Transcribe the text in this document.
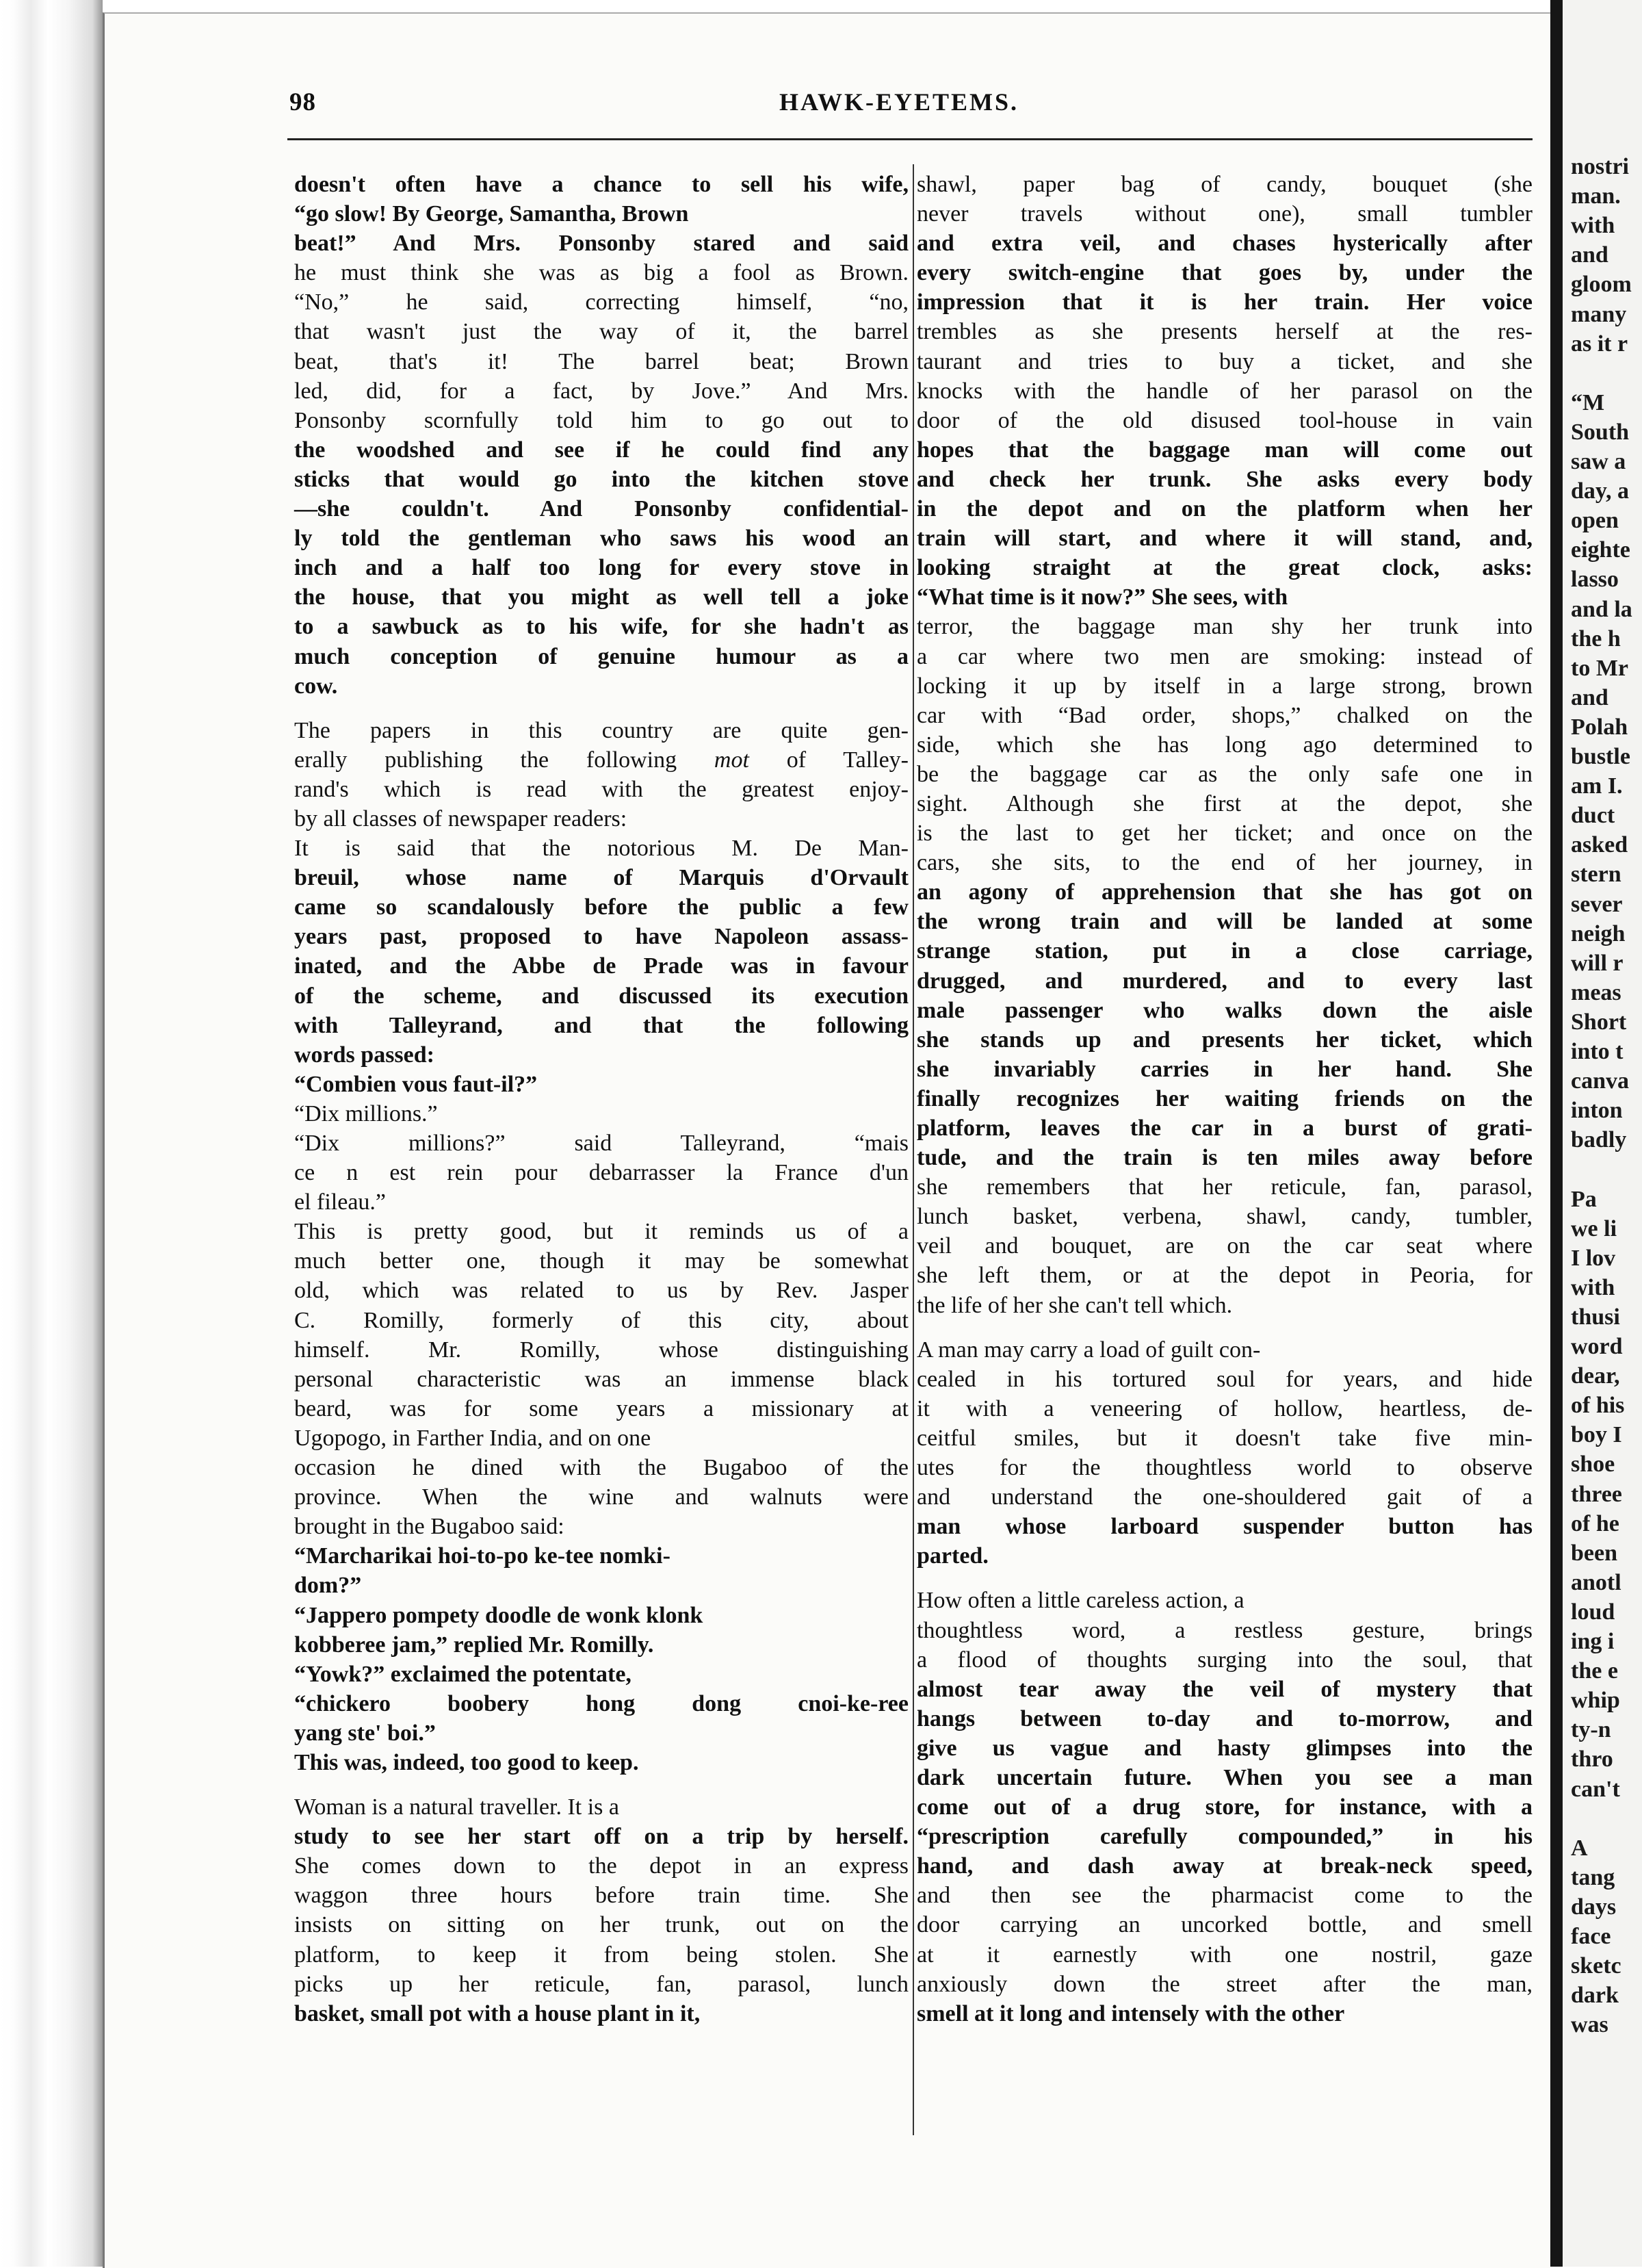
98	HAWK-EYETEMS.

doesn't often have a chance to sell his wife,

“go slow! By George, Samantha, Brown

beat!” And Mrs. Ponsonby stared and said

he must think she was as big a fool as Brown.

“No,” he said, correcting himself, “no,

that wasn't just the way of it, the barrel

beat, that's it! The barrel beat; Brown

led, did, for a fact, by Jove.” And Mrs.

Ponsonby scornfully told him to go out to

the woodshed and see if he could find any

sticks that would go into the kitchen stove

—she couldn't. And Ponsonby confidential-

ly told the gentleman who saws his wood an

inch and a half too long for every stove in

the house, that you might as well tell a joke

to a sawbuck as to his wife, for she hadn't as

much conception of genuine humour as a

cow.

The papers in this country are quite gen-

erally publishing the following mot of Talley-

rand's which is read with the greatest enjoy-

by all classes of newspaper readers:

It is said that the notorious M. De Man-

breuil, whose name of Marquis d'Orvault

came so scandalously before the public a few

years past, proposed to have Napoleon assass-

inated, and the Abbe de Prade was in favour

of the scheme, and discussed its execution

with Talleyrand, and that the following

words passed:

“Combien vous faut-il?”

“Dix millions.”

“Dix millions?” said Talleyrand, “mais

ce n est rein pour debarrasser la France d'un

el fileau.”

This is pretty good, but it reminds us of a

much better one, though it may be somewhat

old, which was related to us by Rev. Jasper

C. Romilly, formerly of this city, about

himself. Mr. Romilly, whose distinguishing

personal characteristic was an immense black

beard, was for some years a missionary at

Ugopogo, in Farther India, and on one

occasion he dined with the Bugaboo of the

province. When the wine and walnuts were

brought in the Bugaboo said:

“Marcharikai hoi-to-po ke-tee nomki-

dom?”

“Jappero pompety doodle de wonk klonk

kobberee jam,” replied Mr. Romilly.

“Yowk?” exclaimed the potentate,

“chickero boobery hong dong cnoi-ke-ree

yang ste' boi.”

This was, indeed, too good to keep.

Woman is a natural traveller. It is a

study to see her start off on a trip by herself.

She comes down to the depot in an express

waggon three hours before train time. She

insists on sitting on her trunk, out on the

platform, to keep it from being stolen. She

picks up her reticule, fan, parasol, lunch

basket, small pot with a house plant in it,

shawl, paper bag of candy, bouquet (she

never travels without one), small tumbler

and extra veil, and chases hysterically after

every switch-engine that goes by, under the

impression that it is her train. Her voice

trembles as she presents herself at the res-

taurant and tries to buy a ticket, and she

knocks with the handle of her parasol on the

door of the old disused tool-house in vain

hopes that the baggage man will come out

and check her trunk. She asks every body

in the depot and on the platform when her

train will start, and where it will stand, and,

looking straight at the great clock, asks:

“What time is it now?” She sees, with

terror, the baggage man shy her trunk into

a car where two men are smoking: instead of

locking it up by itself in a large strong, brown

car with “Bad order, shops,” chalked on the

side, which she has long ago determined to

be the baggage car as the only safe one in

sight. Although she first at the depot, she

is the last to get her ticket; and once on the

cars, she sits, to the end of her journey, in

an agony of apprehension that she has got on

the wrong train and will be landed at some

strange station, put in a close carriage,

drugged, and murdered, and to every last

male passenger who walks down the aisle

she stands up and presents her ticket, which

she invariably carries in her hand. She

finally recognizes her waiting friends on the

platform, leaves the car in a burst of grati-

tude, and the train is ten miles away before

she remembers that her reticule, fan, parasol,

lunch basket, verbena, shawl, candy, tumbler,

veil and bouquet, are on the car seat where

she left them, or at the depot in Peoria, for

the life of her she can't tell which.

A man may carry a load of guilt con-

cealed in his tortured soul for years, and hide

it with a veneering of hollow, heartless, de-

ceitful smiles, but it doesn't take five min-

utes for the thoughtless world to observe

and understand the one-shouldered gait of a

man whose larboard suspender button has

parted.

How often a little careless action, a

thoughtless word, a restless gesture, brings

a flood of thoughts surging into the soul, that

almost tear away the veil of mystery that

hangs between to-day and to-morrow, and

give us vague and hasty glimpses into the

dark uncertain future. When you see a man

come out of a drug store, for instance, with a

“prescription carefully compounded,” in his

hand, and dash away at break-neck speed,

and then see the pharmacist come to the

door carrying an uncorked bottle, and smell

at it earnestly with one nostril, gaze

anxiously down the street after the man,

smell at it long and intensely with the other

nostri
man.
with
and
gloom
many
as it r
“M
South
saw a
day, a
open
eighte
lasso
and la
the h
to Mr
and
Polah
bustle
am I.
duct
asked
stern
sever
neigh
will r
meas
Short
into t
canva
inton
badly
Pa
we li
I lov
with
thusi
word
dear,
of his
boy I
shoe
three
of he
been
anotl
loud
ing i
the e
whip
ty-n
thro
can't
A
tang
days
face
sketc
dark
was
